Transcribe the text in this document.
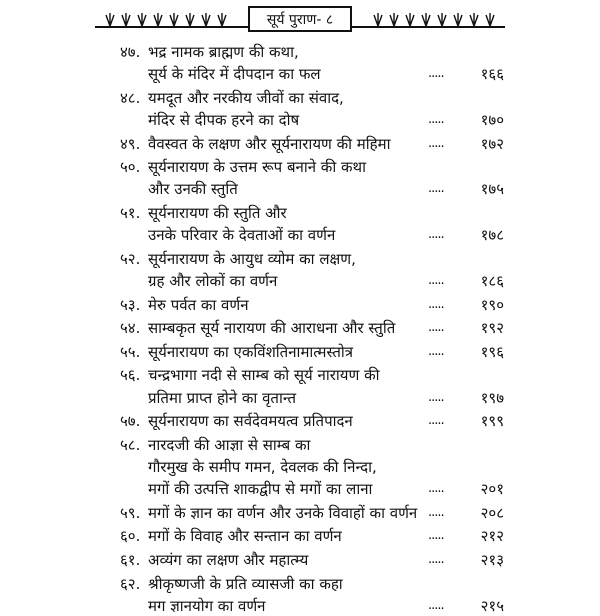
सूर्य पुराण- ८
४७. भद्र नामक ब्राह्मण की कथा,
सूर्य के मंदिर में दीपदान का फल	.....	१६६
४८. यमदूत और नरकीय जीवों का संवाद,
मंदिर से दीपक हरने का दोष	.....	१७०
४९. वैवस्वत के लक्षण और सूर्यनारायण की महिमा	.....	१७२
५०. सूर्यनारायण के उत्तम रूप बनाने की कथा
और उनकी स्तुति	.....	१७५
५१. सूर्यनारायण की स्तुति और
उनके परिवार के देवताओं का वर्णन	.....	१७८
५२. सूर्यनारायण के आयुध व्योम का लक्षण,
ग्रह और लोकों का वर्णन	.....	१८६
५३. मेरु पर्वत का वर्णन	.....	१९०
५४. साम्बकृत सूर्य नारायण की आराधना और स्तुति	.....	१९२
५५. सूर्यनारायण का एकविंशतिनामात्मस्तोत्र	.....	१९६
५६. चन्द्रभागा नदी से साम्ब को सूर्य नारायण की
प्रतिमा प्राप्त होने का वृतान्त	.....	१९७
५७. सूर्यनारायण का सर्वदेवमयत्व प्रतिपादन	.....	१९९
५८. नारदजी की आज्ञा से साम्ब का
गौरमुख के समीप गमन, देवलक की निन्दा,
मगों की उत्पत्ति शाकद्वीप से मगों का लाना	.....	२०१
५९. मगों के ज्ञान का वर्णन और उनके विवाहों का वर्णन .....	२०८
६०. मगों के विवाह और सन्तान का वर्णन	.....	२१२
६१. अव्यंग का लक्षण और महात्म्य	.....	२१३
६२. श्रीकृष्णजी के प्रति व्यासजी का कहा
मग ज्ञानयोग का वर्णन	.....	२१५
